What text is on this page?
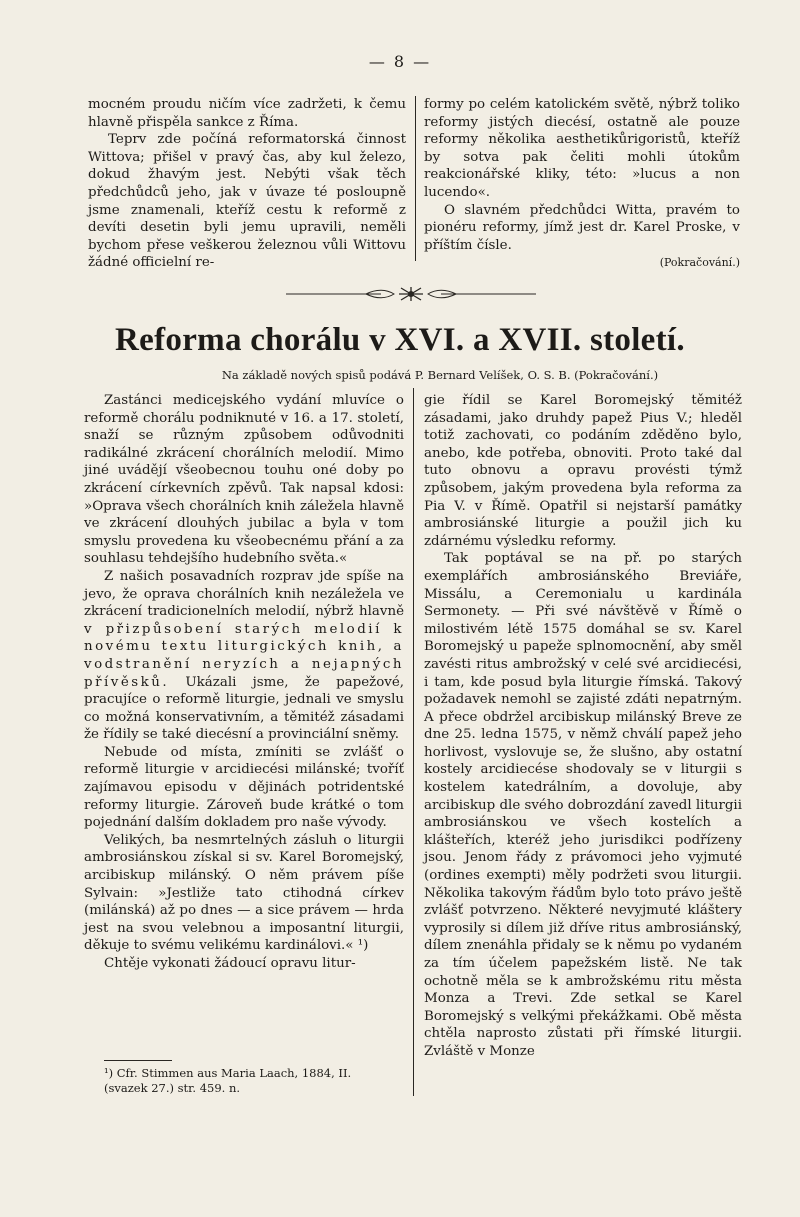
— 8 —

mocném proudu ničím více zadržeti, k čemu hlavně přispěla sankce z Říma.

Teprv zde počíná reformatorská činnost Wittova; přišel v pravý čas, aby kul železo, dokud žhavým jest. Nebýti však těch předchůdců jeho, jak v úvaze té posloupně jsme znamenali, kteříž cestu k reformě z devíti desetin byli jemu upravili, neměli bychom přese veškerou železnou vůli Wittovu žádné officielní re-

formy po celém katolickém světě, nýbrž toliko reformy jistých diecésí, ostatně ale pouze reformy několika aesthetikůrigoristů, kteříž by sotva pak čeliti mohli útokům reakcionářské kliky, této: »lucus a non lucendo«.

O slavném předchůdci Witta, pravém to pionéru reformy, jímž jest dr. Karel Proske, v příštím čísle.

(Pokračování.)

Reforma chorálu v XVI. a XVII. století.
Na základě nových spisů podává P. Bernard Velíšek, O. S. B. (Pokračování.)

Zastánci medicejského vydání mluvíce o reformě chorálu podniknuté v 16. a 17. století, snaží se různým způsobem odůvodniti radikálné zkrácení chorálních melodií. Mimo jiné uvádějí všeobecnou touhu oné doby po zkrácení církevních zpěvů. Tak napsal kdosi: »Oprava všech chorálních knih záležela hlavně ve zkrácení dlouhých jubilac a byla v tom smyslu provedena ku všeobecnému přání a za souhlasu tehdejšího hudebního světa.«

Z našich posavadních rozprav jde spíše na jevo, že oprava chorálních knih nezáležela ve zkrácení tradicionelních melodií, nýbrž hlavně v přizpůsobení starých melodií k novému textu liturgických knih, a vodstranění neryzích a nejapných přívěsků. Ukázali jsme, že papežové, pracujíce o reformě liturgie, jednali ve smyslu co možná konservativním, a těmitéž zásadami že řídily se také diecésní a provinciální sněmy.

Nebude od místa, zmíniti se zvlášť o reformě liturgie v arcidiecési milánské; tvoříť zajímavou episodu v dějinách potridentské reformy liturgie. Zároveň bude krátké o tom pojednání dalším dokladem pro naše vývody.

Velikých, ba nesmrtelných zásluh o liturgii ambrosiánskou získal si sv. Karel Boromejský, arcibiskup milánský. O něm právem píše Sylvain: »Jestliže tato ctihodná církev (milánská) až po dnes — a sice právem — hrda jest na svou velebnou a imposantní liturgii, děkuje to svému velikému kardinálovi.« ¹)

Chtěje vykonati žádoucí opravu litur-

¹) Cfr. Stimmen aus Maria Laach, 1884, II.
(svazek 27.) str. 459. n.

gie řídil se Karel Boromejský těmitéž zásadami, jako druhdy papež Pius V.; hleděl totiž zachovati, co podáním zděděno bylo, anebo, kde potřeba, obnoviti. Proto také dal tuto obnovu a opravu provésti týmž způsobem, jakým provedena byla reforma za Pia V. v Římě. Opatřil si nejstarší památky ambrosiánské liturgie a použil jich ku zdárnému výsledku reformy.

Tak poptával se na př. po starých exemplářích ambrosiánského Breviáře, Missálu, a Ceremonialu u kardinála Sermonety. — Při své návštěvě v Římě o milostivém létě 1575 domáhal se sv. Karel Boromejský u papeže splnomocnění, aby směl zavésti ritus ambrožský v celé své arcidiecési, i tam, kde posud byla liturgie římská. Takový požadavek nemohl se zajisté zdáti nepatrným. A přece obdržel arcibiskup milánský Breve ze dne 25. ledna 1575, v němž chválí papež jeho horlivost, vyslovuje se, že slušno, aby ostatní kostely arcidiecése shodovaly se v liturgii s kostelem katedrálním, a dovoluje, aby arcibiskup dle svého dobrozdání zavedl liturgii ambrosiánskou ve všech kostelích a klášteřích, kteréž jeho jurisdikci podřízeny jsou. Jenom řády z právomoci jeho vyjmuté (ordines exempti) měly podržeti svou liturgii. Několika takovým řádům bylo toto právo ještě zvlášť potvrzeno. Některé nevyjmuté kláštery vyprosily si dílem již dříve ritus ambrosiánský, dílem znenáhla přidaly se k němu po vydaném za tím účelem papežském listě. Ne tak ochotně měla se k ambrožskému ritu města Monza a Trevi. Zde setkal se Karel Boromejský s velkými překážkami. Obě města chtěla naprosto zůstati při římské liturgii. Zvláště v Monze
